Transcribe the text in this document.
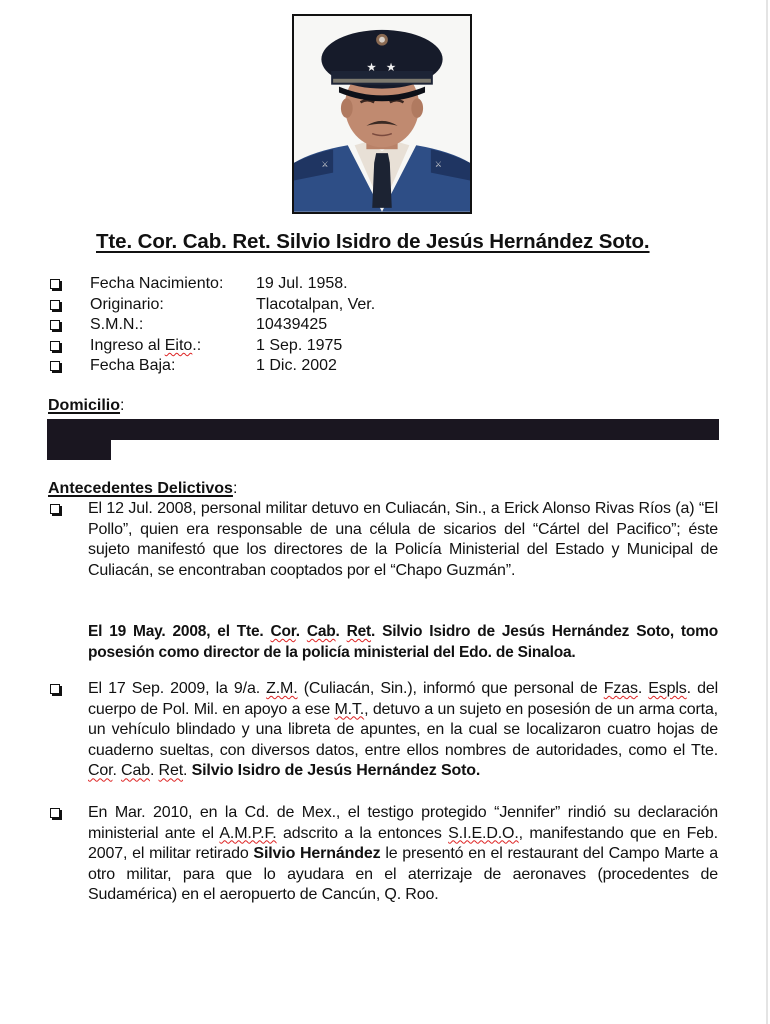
★ ★
⚔	⚔
Tte. Cor. Cab. Ret. Silvio Isidro de Jesús Hernández Soto.
Fecha Nacimiento:	19 Jul. 1958.
Originario:	Tlacotalpan, Ver.
S.M.N.:	10439425
Ingreso al Eito.:	1 Sep. 1975
Fecha Baja:	1 Dic. 2002
Domicilio:
Antecedentes Delictivos:
El 12 Jul. 2008, personal militar detuvo en Culiacán, Sin., a Erick Alonso Rivas Ríos (a) “El Pollo”, quien era responsable de una célula de sicarios del “Cártel del Pacifico”; éste sujeto manifestó que los directores de la Policía Ministerial del Estado y Municipal de Culiacán, se encontraban cooptados por el “Chapo Guzmán”.
El 19 May. 2008, el Tte. Cor. Cab. Ret. Silvio Isidro de Jesús Hernández Soto, tomo posesión como director de la policía ministerial del Edo. de Sinaloa.
El 17 Sep. 2009, la 9/a. Z.M. (Culiacán, Sin.), informó que personal de Fzas. Espls. del cuerpo de Pol. Mil. en apoyo a ese M.T., detuvo a un sujeto en posesión de un arma corta, un vehículo blindado y una libreta de apuntes, en la cual se localizaron cuatro hojas de cuaderno sueltas, con diversos datos, entre ellos nombres de autoridades, como el Tte. Cor. Cab. Ret. Silvio Isidro de Jesús Hernández Soto.
En Mar. 2010, en la Cd. de Mex., el testigo protegido “Jennifer” rindió su declaración ministerial ante el A.M.P.F. adscrito a la entonces S.I.E.D.O., manifestando que en Feb. 2007, el militar retirado Silvio Hernández le presentó en el restaurant del Campo Marte a otro militar, para que lo ayudara en el aterrizaje de aeronaves (procedentes de Sudamérica) en el aeropuerto de Cancún, Q. Roo.
